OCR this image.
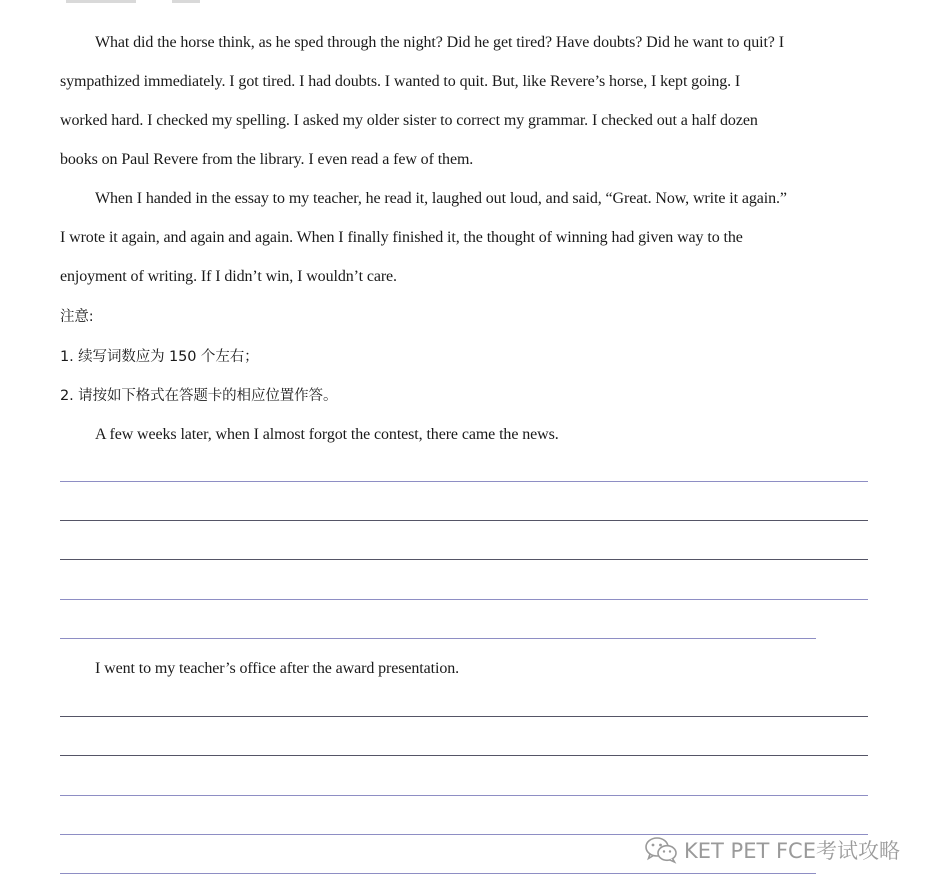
What did the horse think, as he sped through the night? Did he get tired? Have doubts? Did he want to quit? I
sympathized immediately. I got tired. I had doubts. I wanted to quit. But, like Revere’s horse, I kept going. I
worked hard. I checked my spelling. I asked my older sister to correct my grammar. I checked out a half dozen
books on Paul Revere from the library. I even read a few of them.
When I handed in the essay to my teacher, he read it, laughed out loud, and said, “Great. Now, write it again.”
I wrote it again, and again and again. When I finally finished it, the thought of winning had given way to the
enjoyment of writing. If I didn’t win, I wouldn’t care.
注意:
1. 续写词数应为 150 个左右；
2. 请按如下格式在答题卡的相应位置作答。
A few weeks later, when I almost forgot the contest, there came the news.
I went to my teacher’s office after the award presentation.
KET PET FCE考试攻略
